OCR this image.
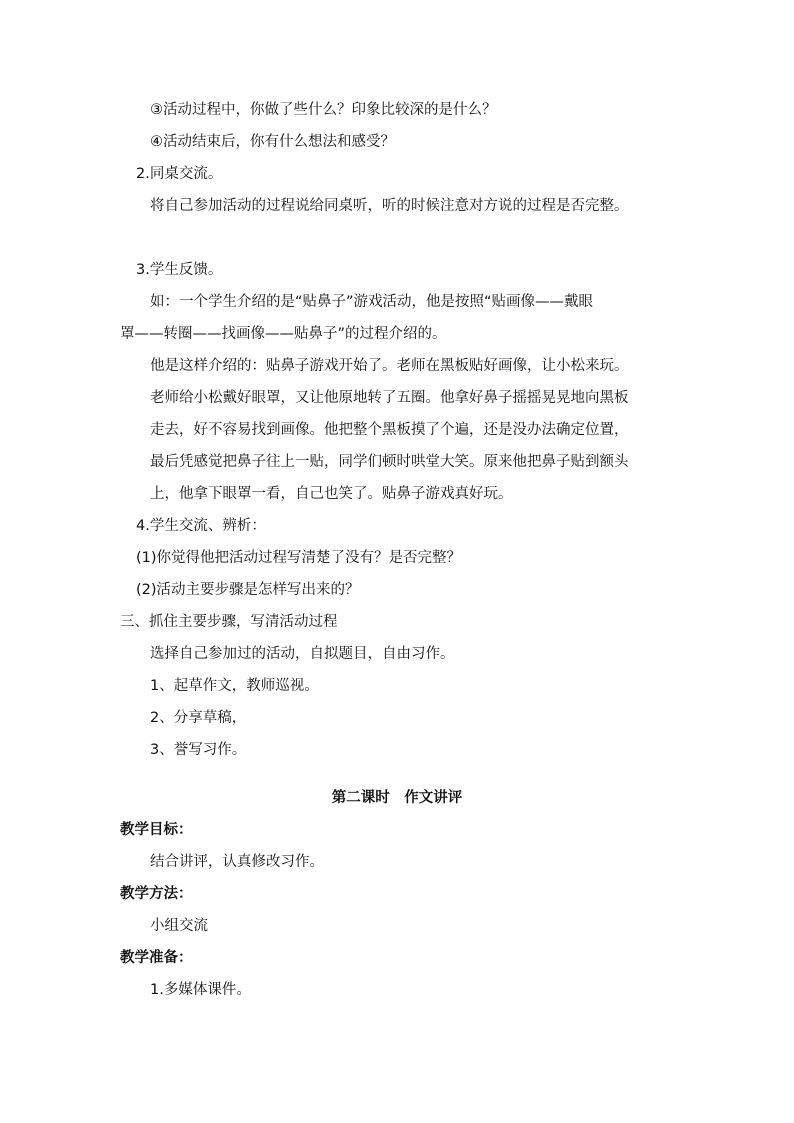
③活动过程中，你做了些什么？印象比较深的是什么？
④活动结束后，你有什么想法和感受？
2.同桌交流。
将自己参加活动的过程说给同桌听，听的时候注意对方说的过程是否完整。
3.学生反馈。
如：一个学生介绍的是“贴鼻子”游戏活动，他是按照“贴画像——戴眼
罩——转圈——找画像——贴鼻子”的过程介绍的。
他是这样介绍的：贴鼻子游戏开始了。老师在黑板贴好画像，让小松来玩。
老师给小松戴好眼罩，又让他原地转了五圈。他拿好鼻子摇摇晃晃地向黑板
走去，好不容易找到画像。他把整个黑板摸了个遍，还是没办法确定位置，
最后凭感觉把鼻子往上一贴，同学们顿时哄堂大笑。原来他把鼻子贴到额头
上，他拿下眼罩一看，自己也笑了。贴鼻子游戏真好玩。
4.学生交流、辨析：
(1)你觉得他把活动过程写清楚了没有？是否完整？
(2)活动主要步骤是怎样写出来的？
三、抓住主要步骤，写清活动过程
选择自己参加过的活动，自拟题目，自由习作。
1、起草作文，教师巡视。
2、分享草稿，
3、誉写习作。
第二课时　作文讲评
教学目标：
结合讲评，认真修改习作。
教学方法：
小组交流
教学准备：
1.多媒体课件。
